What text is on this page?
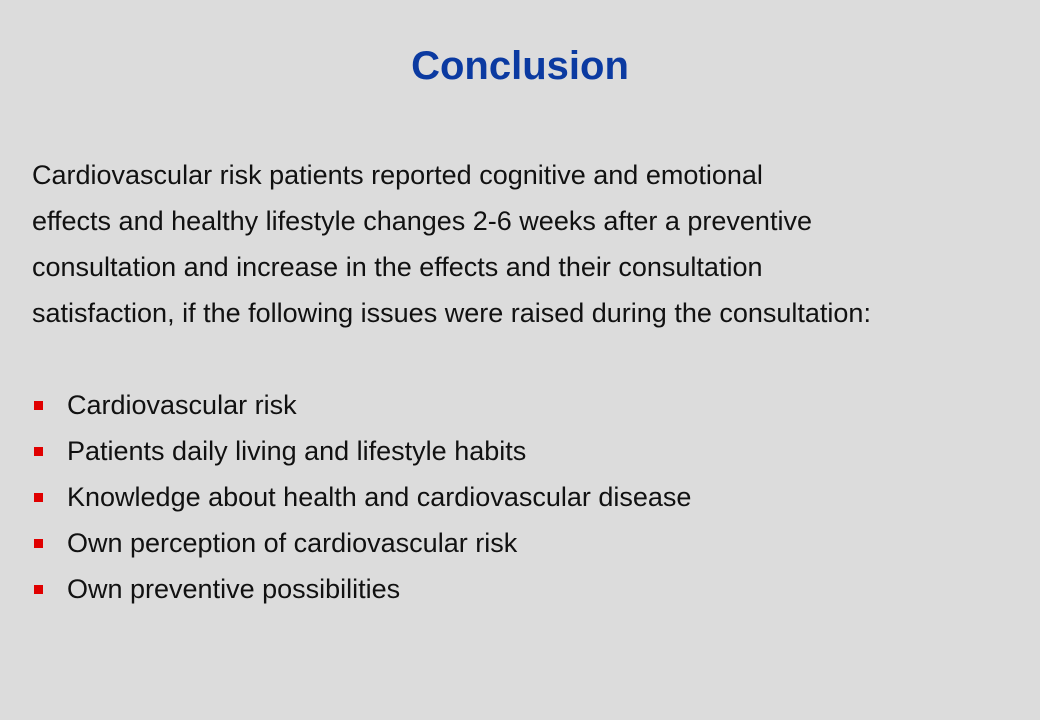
Conclusion
Cardiovascular risk patients reported cognitive and emotional
effects and healthy lifestyle changes 2-6 weeks after a preventive
consultation and increase in the effects and their consultation
satisfaction, if the following issues were raised during the consultation:
Cardiovascular risk
Patients daily living and lifestyle habits
Knowledge about health and cardiovascular disease
Own perception of cardiovascular risk
Own preventive possibilities
